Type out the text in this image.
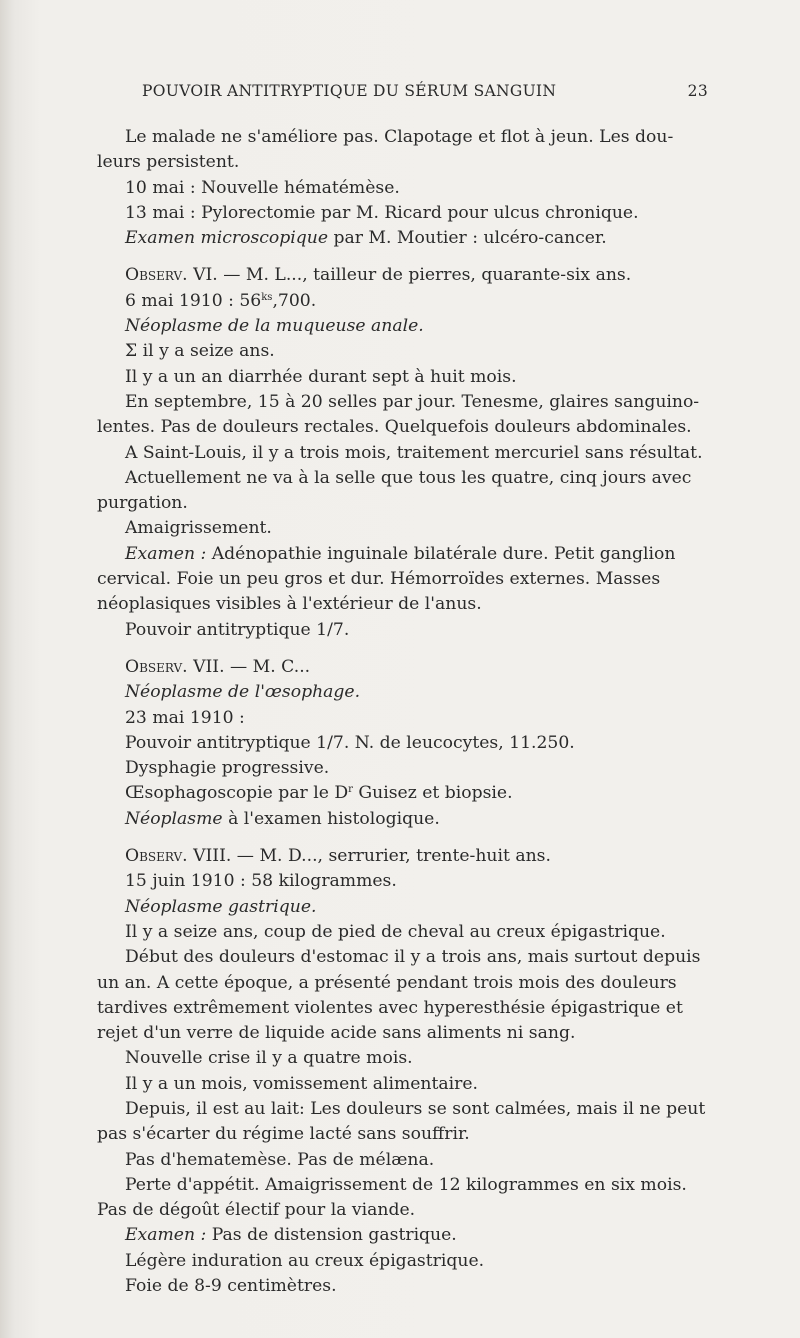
POUVOIR ANTITRYPTIQUE DU SÉRUM SANGUIN	23

Le malade ne s'améliore pas. Clapotage et flot à jeun. Les dou-

leurs persistent.

10 mai : Nouvelle hématémèse.

13 mai : Pylorectomie par M. Ricard pour ulcus chronique.

Examen microscopique par M. Moutier : ulcéro-cancer.

Observ. VI. — M. L..., tailleur de pierres, quarante-six ans.

6 mai 1910 : $56^{ks},700$.

Néoplasme de la muqueuse anale.

Σ il y a seize ans.

Il y a un an diarrhée durant sept à huit mois.

En septembre, 15 à 20 selles par jour. Tenesme, glaires sanguino-

lentes. Pas de douleurs rectales. Quelquefois douleurs abdominales.

A Saint-Louis, il y a trois mois, traitement mercuriel sans résultat.

Actuellement ne va à la selle que tous les quatre, cinq jours avec

purgation.

Amaigrissement.

Examen : Adénopathie inguinale bilatérale dure. Petit ganglion

cervical. Foie un peu gros et dur. Hémorroïdes externes. Masses

néoplasiques visibles à l'extérieur de l'anus.

Pouvoir antitryptique 1/7.

Observ. VII. — M. C...

Néoplasme de l'œsophage.

23 mai 1910 :

Pouvoir antitryptique 1/7. N. de leucocytes, 11.250.

Dysphagie progressive.

Œsophagoscopie par le $D^r$ Guisez et biopsie.

Néoplasme à l'examen histologique.

Observ. VIII. — M. D..., serrurier, trente-huit ans.

15 juin 1910 : 58 kilogrammes.

Néoplasme gastrique.

Il y a seize ans, coup de pied de cheval au creux épigastrique.

Début des douleurs d'estomac il y a trois ans, mais surtout depuis

un an. A cette époque, a présenté pendant trois mois des douleurs

tardives extrêmement violentes avec hyperesthésie épigastrique et

rejet d'un verre de liquide acide sans aliments ni sang.

Nouvelle crise il y a quatre mois.

Il y a un mois, vomissement alimentaire.

Depuis, il est au lait: Les douleurs se sont calmées, mais il ne peut

pas s'écarter du régime lacté sans souffrir.

Pas d'hematemèse. Pas de mélæna.

Perte d'appétit. Amaigrissement de 12 kilogrammes en six mois.

Pas de dégoût électif pour la viande.

Examen : Pas de distension gastrique.

Légère induration au creux épigastrique.

Foie de 8-9 centimètres.
